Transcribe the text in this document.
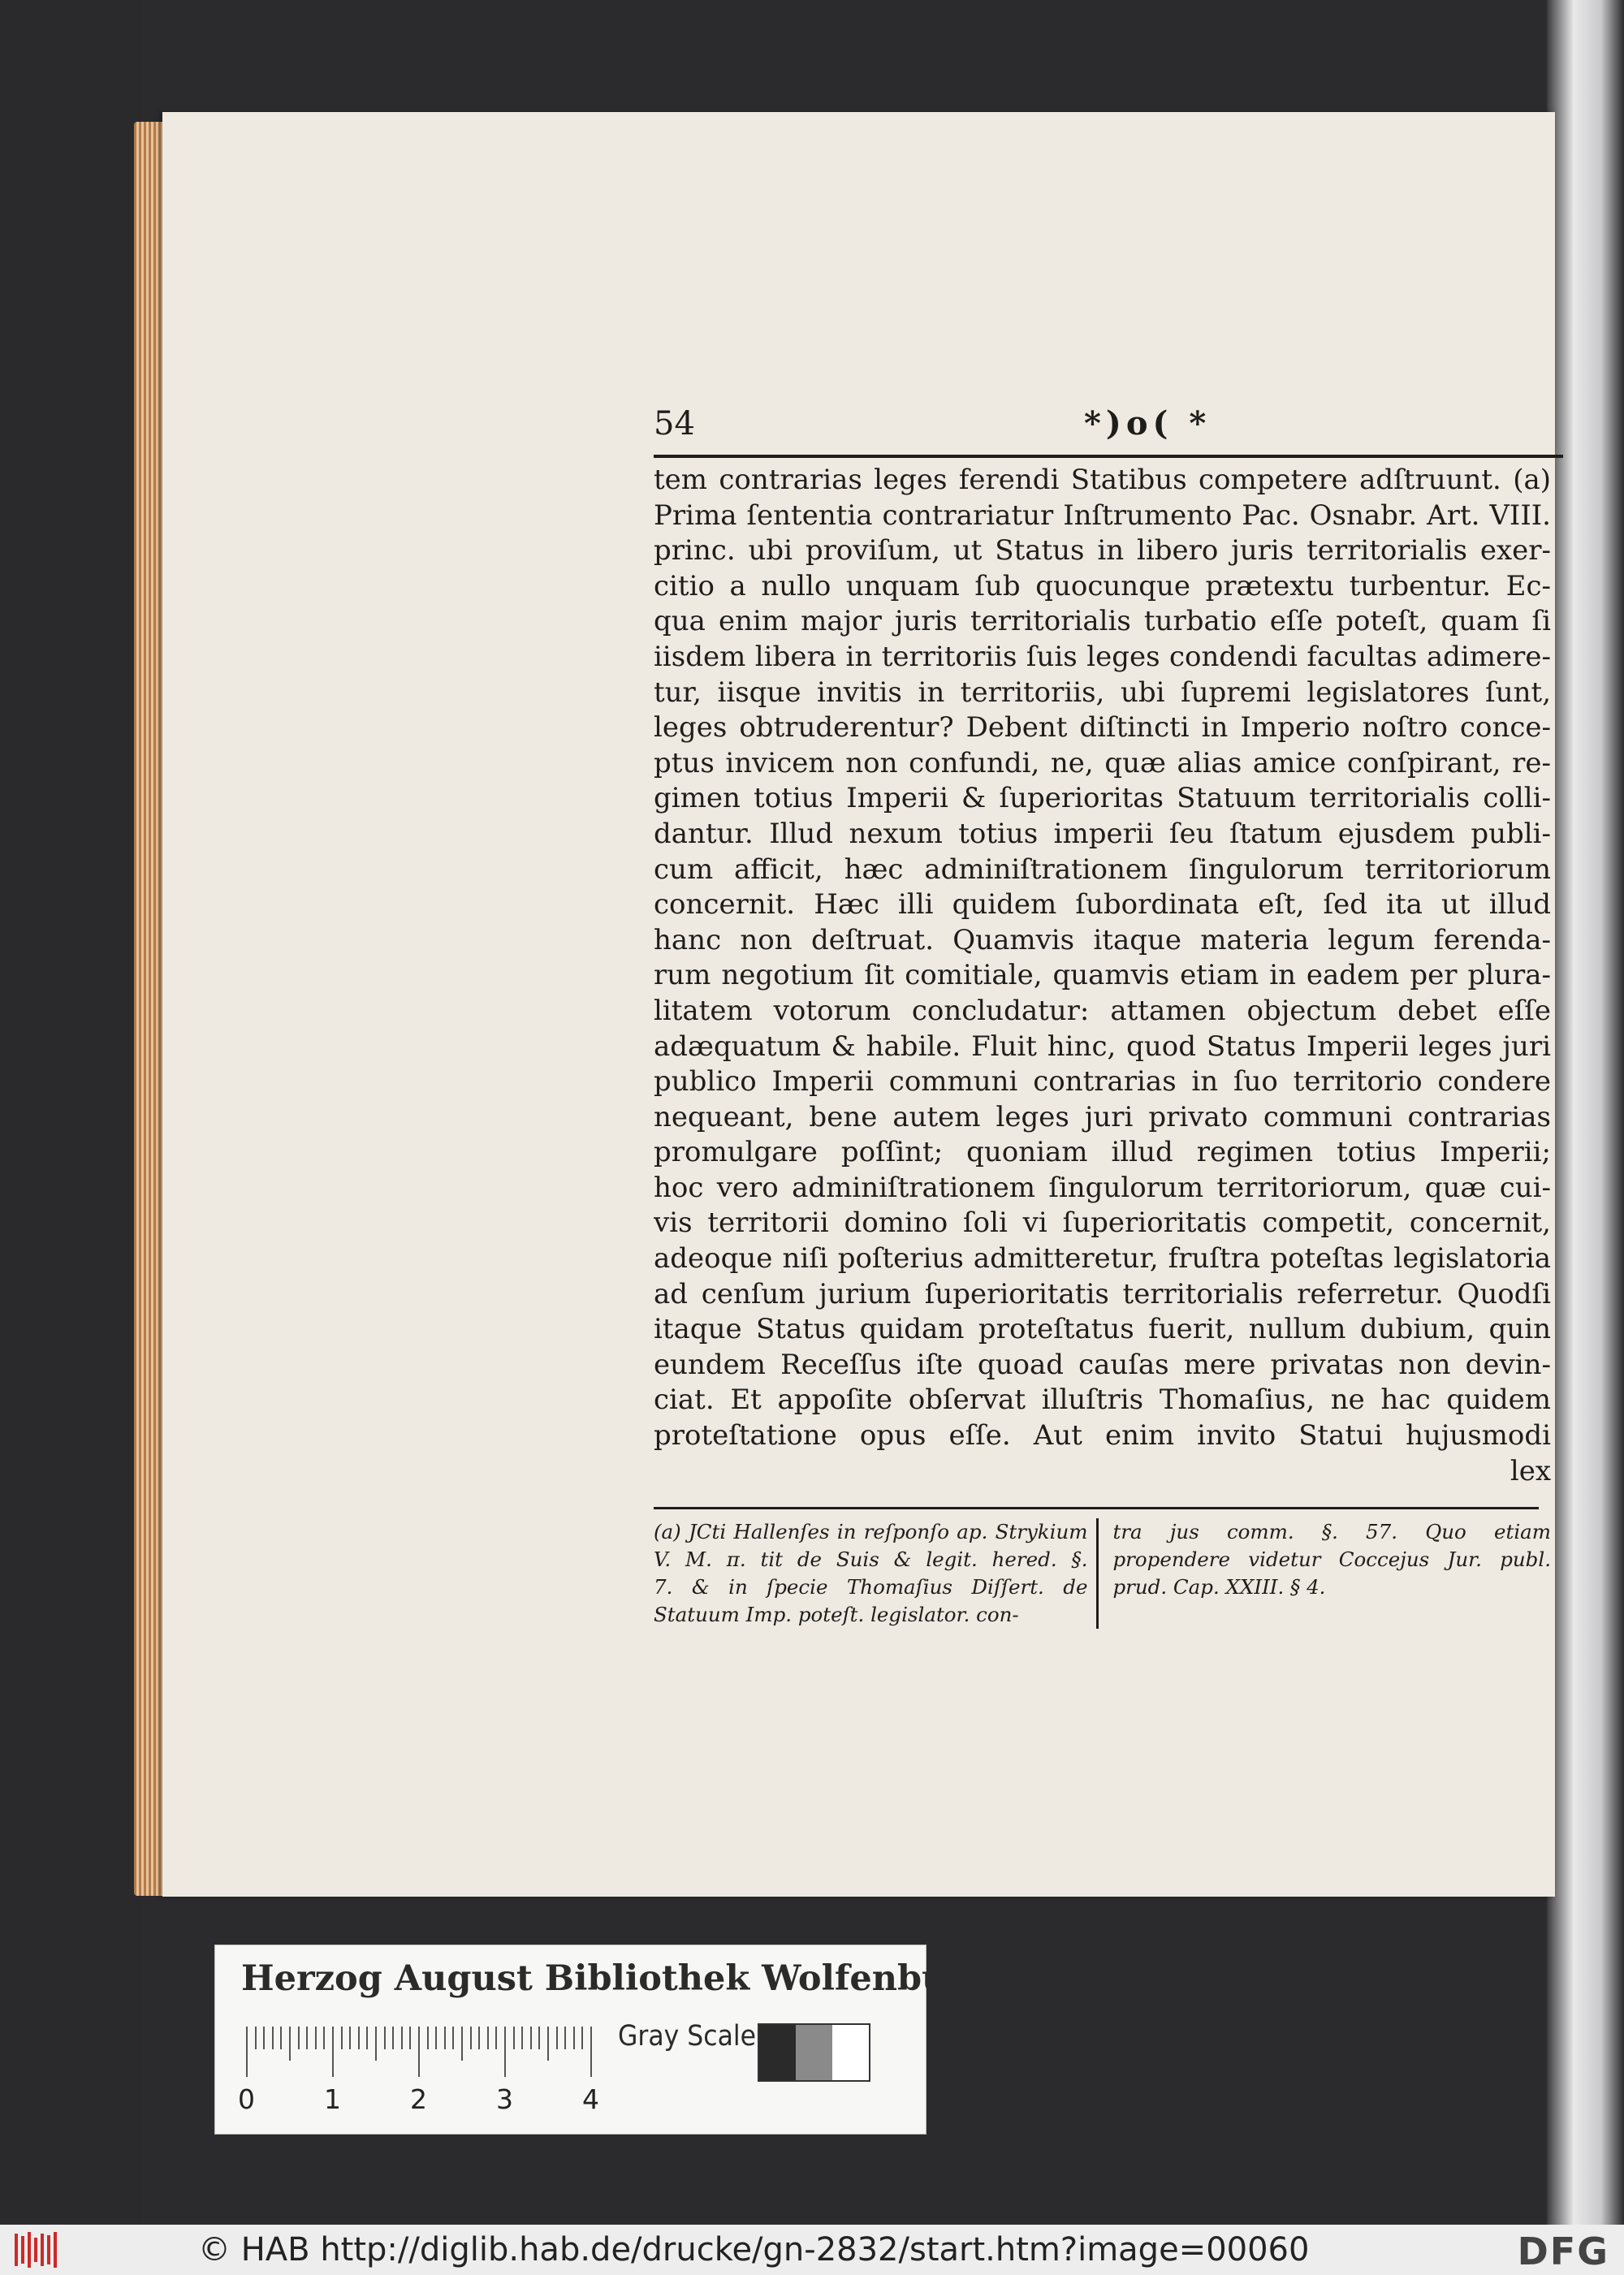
54	*)o( *
tem contrarias leges ferendi Statibus competere adſtruunt. (a)
Prima ſententia contrariatur Inſtrumento Pac. Osnabr. Art. VIII.
princ. ubi proviſum, ut Status in libero juris territorialis exer-
citio a nullo unquam ſub quocunque prætextu turbentur. Ec-
qua enim major juris territorialis turbatio eſſe poteſt, quam ſi
iisdem libera in territoriis ſuis leges condendi facultas adimere-
tur, iisque invitis in territoriis, ubi ſupremi legislatores ſunt,
leges obtruderentur? Debent diſtincti in Imperio noſtro conce-
ptus invicem non confundi, ne, quæ alias amice conſpirant, re-
gimen totius Imperii & ſuperioritas Statuum territorialis colli-
dantur. Illud nexum totius imperii ſeu ſtatum ejusdem publi-
cum afficit, hæc adminiſtrationem ſingulorum territoriorum
concernit. Hæc illi quidem ſubordinata eſt, ſed ita ut illud
hanc non deſtruat. Quamvis itaque materia legum ferenda-
rum negotium ſit comitiale, quamvis etiam in eadem per plura-
litatem votorum concludatur: attamen objectum debet eſſe
adæquatum & habile. Fluit hinc, quod Status Imperii leges juri
publico Imperii communi contrarias in ſuo territorio condere
nequeant, bene autem leges juri privato communi contrarias
promulgare poſſint; quoniam illud regimen totius Imperii;
hoc vero adminiſtrationem ſingulorum territoriorum, quæ cui-
vis territorii domino ſoli vi ſuperioritatis competit, concernit,
adeoque niſi poſterius admitteretur, fruſtra poteſtas legislatoria
ad cenſum jurium ſuperioritatis territorialis referretur. Quodſi
itaque Status quidam proteſtatus fuerit, nullum dubium, quin
eundem Receſſus iſte quoad cauſas mere privatas non devin-
ciat. Et appoſite obſervat illuſtris Thomaſius, ne hac quidem
proteſtatione opus eſſe. Aut enim invito Statui hujusmodi
lex
(a) JCti Hallenſes in reſponſo ap. Strykium
V. M. π. tit de Suis & legit. hered. §.
7. & in ſpecie Thomaſius Diſſert. de
Statuum Imp. poteſt. legislator. con-
tra jus comm. §. 57. Quo etiam
propendere videtur Coccejus Jur. publ.
prud. Cap. XXIII. § 4.
Herzog August Bibliothek Wolfenbüttel
0	1	2	3	4
Gray Scale
© HAB http://diglib.hab.de/drucke/gn-2832/start.htm?image=00060	DFG
